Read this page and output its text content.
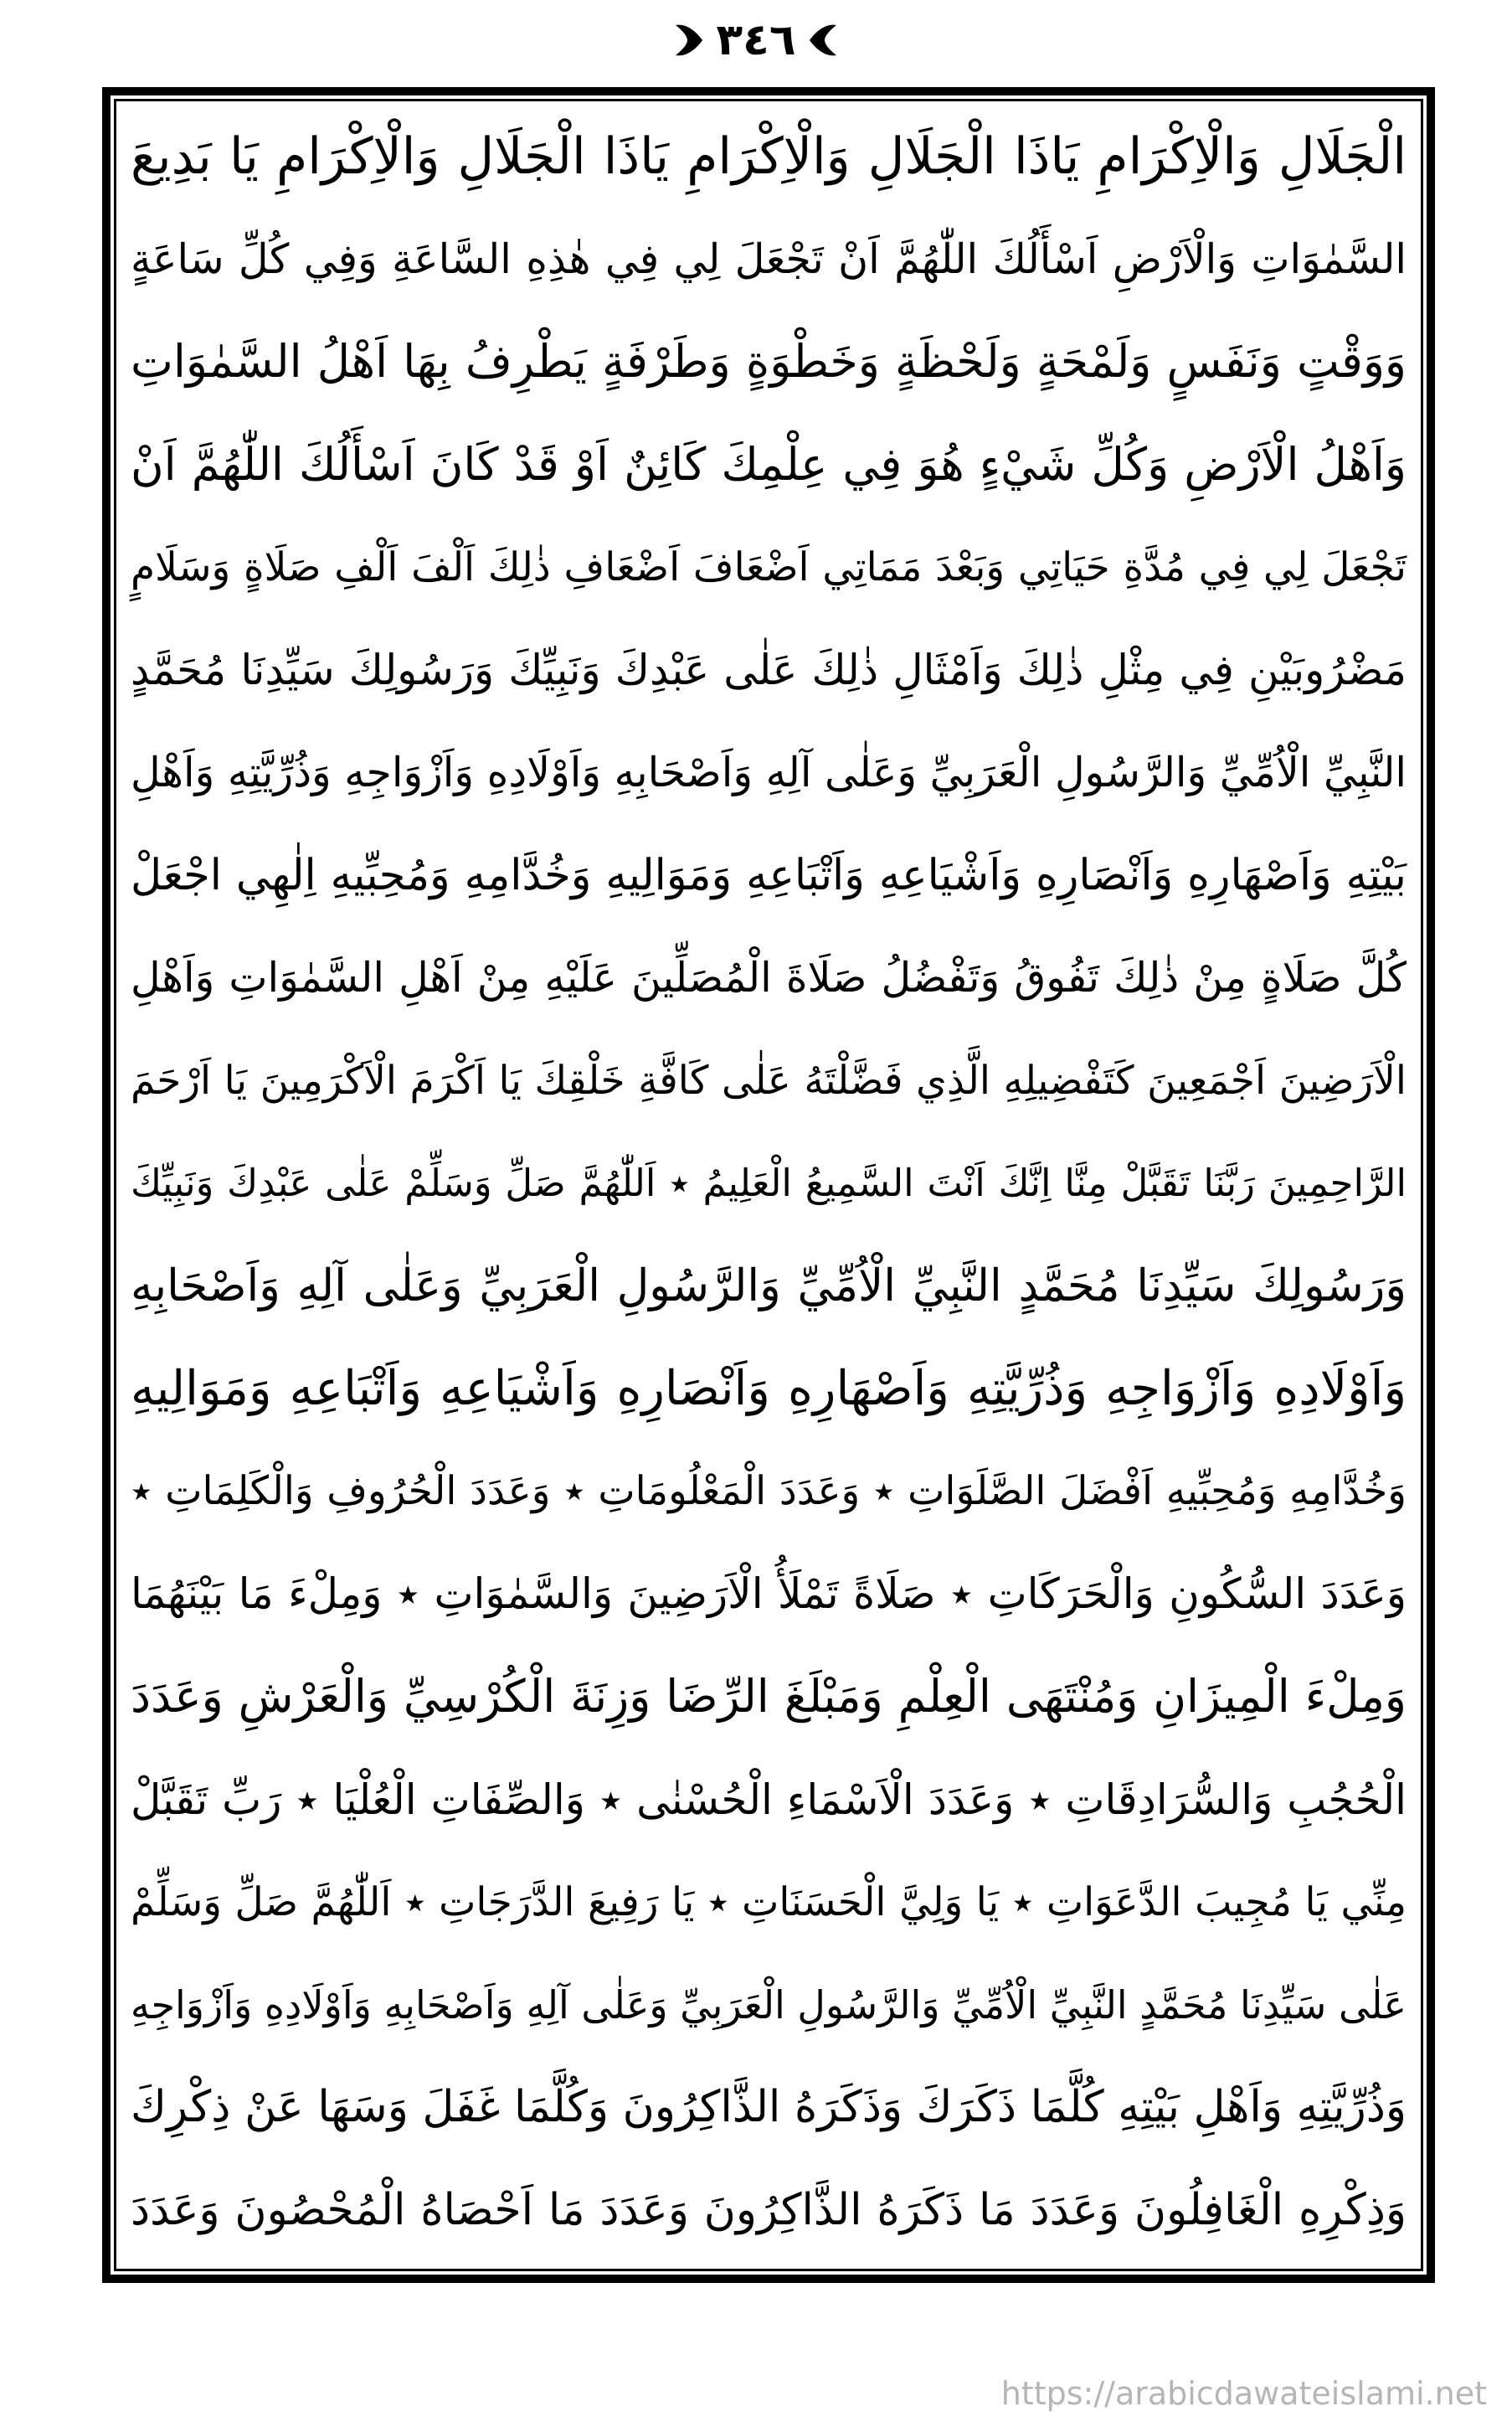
٣٤٦
الْجَلَالِ وَالْاِكْرَامِ يَاذَا الْجَلَالِ وَالْاِكْرَامِ يَاذَا الْجَلَالِ وَالْاِكْرَامِ يَا بَدِيعَ
السَّمٰوَاتِ وَالْاَرْضِ اَسْأَلُكَ اللّٰهُمَّ اَنْ تَجْعَلَ لِي فِي هٰذِهِ السَّاعَةِ وَفِي كُلِّ سَاعَةٍ
وَوَقْتٍ وَنَفَسٍ وَلَمْحَةٍ وَلَحْظَةٍ وَخَطْوَةٍ وَطَرْفَةٍ يَطْرِفُ بِهَا اَهْلُ السَّمٰوَاتِ
وَاَهْلُ الْاَرْضِ وَكُلِّ شَيْءٍ هُوَ فِي عِلْمِكَ كَائِنٌ اَوْ قَدْ كَانَ اَسْأَلُكَ اللّٰهُمَّ اَنْ
تَجْعَلَ لِي فِي مُدَّةِ حَيَاتِي وَبَعْدَ مَمَاتِي اَضْعَافَ اَضْعَافِ ذٰلِكَ اَلْفَ اَلْفِ صَلَاةٍ وَسَلَامٍ
مَضْرُوبَيْنِ فِي مِثْلِ ذٰلِكَ وَاَمْثَالِ ذٰلِكَ عَلٰى عَبْدِكَ وَنَبِيِّكَ وَرَسُولِكَ سَيِّدِنَا مُحَمَّدٍ
النَّبِيِّ الْاُمِّيِّ وَالرَّسُولِ الْعَرَبِيِّ وَعَلٰى آلِهِ وَاَصْحَابِهِ وَاَوْلَادِهِ وَاَزْوَاجِهِ وَذُرِّيَّتِهِ وَاَهْلِ
بَيْتِهِ وَاَصْهَارِهِ وَاَنْصَارِهِ وَاَشْيَاعِهِ وَاَتْبَاعِهِ وَمَوَالِيهِ وَخُدَّامِهِ وَمُحِبِّيهِ اِلٰهِي اجْعَلْ
كُلَّ صَلَاةٍ مِنْ ذٰلِكَ تَفُوقُ وَتَفْضُلُ صَلَاةَ الْمُصَلِّينَ عَلَيْهِ مِنْ اَهْلِ السَّمٰوَاتِ وَاَهْلِ
الْاَرَضِينَ اَجْمَعِينَ كَتَفْضِيلِهِ الَّذِي فَضَّلْتَهُ عَلٰى كَافَّةِ خَلْقِكَ يَا اَكْرَمَ الْاَكْرَمِينَ يَا اَرْحَمَ
الرَّاحِمِينَ رَبَّنَا تَقَبَّلْ مِنَّا اِنَّكَ اَنْتَ السَّمِيعُ الْعَلِيمُ ٭ اَللّٰهُمَّ صَلِّ وَسَلِّمْ عَلٰى عَبْدِكَ وَنَبِيِّكَ
وَرَسُولِكَ سَيِّدِنَا مُحَمَّدٍ النَّبِيِّ الْاُمِّيِّ وَالرَّسُولِ الْعَرَبِيِّ وَعَلٰى آلِهِ وَاَصْحَابِهِ
وَاَوْلَادِهِ وَاَزْوَاجِهِ وَذُرِّيَّتِهِ وَاَصْهَارِهِ وَاَنْصَارِهِ وَاَشْيَاعِهِ وَاَتْبَاعِهِ وَمَوَالِيهِ
وَخُدَّامِهِ وَمُحِبِّيهِ اَفْضَلَ الصَّلَوَاتِ ٭ وَعَدَدَ الْمَعْلُومَاتِ ٭ وَعَدَدَ الْحُرُوفِ وَالْكَلِمَاتِ ٭
وَعَدَدَ السُّكُونِ وَالْحَرَكَاتِ ٭ صَلَاةً تَمْلَأُ الْاَرَضِينَ وَالسَّمٰوَاتِ ٭ وَمِلْءَ مَا بَيْنَهُمَا
وَمِلْءَ الْمِيزَانِ وَمُنْتَهَى الْعِلْمِ وَمَبْلَغَ الرِّضَا وَزِنَةَ الْكُرْسِيِّ وَالْعَرْشِ وَعَدَدَ
الْحُجُبِ وَالسُّرَادِقَاتِ ٭ وَعَدَدَ الْاَسْمَاءِ الْحُسْنٰى ٭ وَالصِّفَاتِ الْعُلْيَا ٭ رَبِّ تَقَبَّلْ
مِنِّي يَا مُجِيبَ الدَّعَوَاتِ ٭ يَا وَلِيَّ الْحَسَنَاتِ ٭ يَا رَفِيعَ الدَّرَجَاتِ ٭ اَللّٰهُمَّ صَلِّ وَسَلِّمْ
عَلٰى سَيِّدِنَا مُحَمَّدٍ النَّبِيِّ الْاُمِّيِّ وَالرَّسُولِ الْعَرَبِيِّ وَعَلٰى آلِهِ وَاَصْحَابِهِ وَاَوْلَادِهِ وَاَزْوَاجِهِ
وَذُرِّيَّتِهِ وَاَهْلِ بَيْتِهِ كُلَّمَا ذَكَرَكَ وَذَكَرَهُ الذَّاكِرُونَ وَكُلَّمَا غَفَلَ وَسَهَا عَنْ ذِكْرِكَ
وَذِكْرِهِ الْغَافِلُونَ وَعَدَدَ مَا ذَكَرَهُ الذَّاكِرُونَ وَعَدَدَ مَا اَحْصَاهُ الْمُحْصُونَ وَعَدَدَ
https://arabicdawateislami.net
